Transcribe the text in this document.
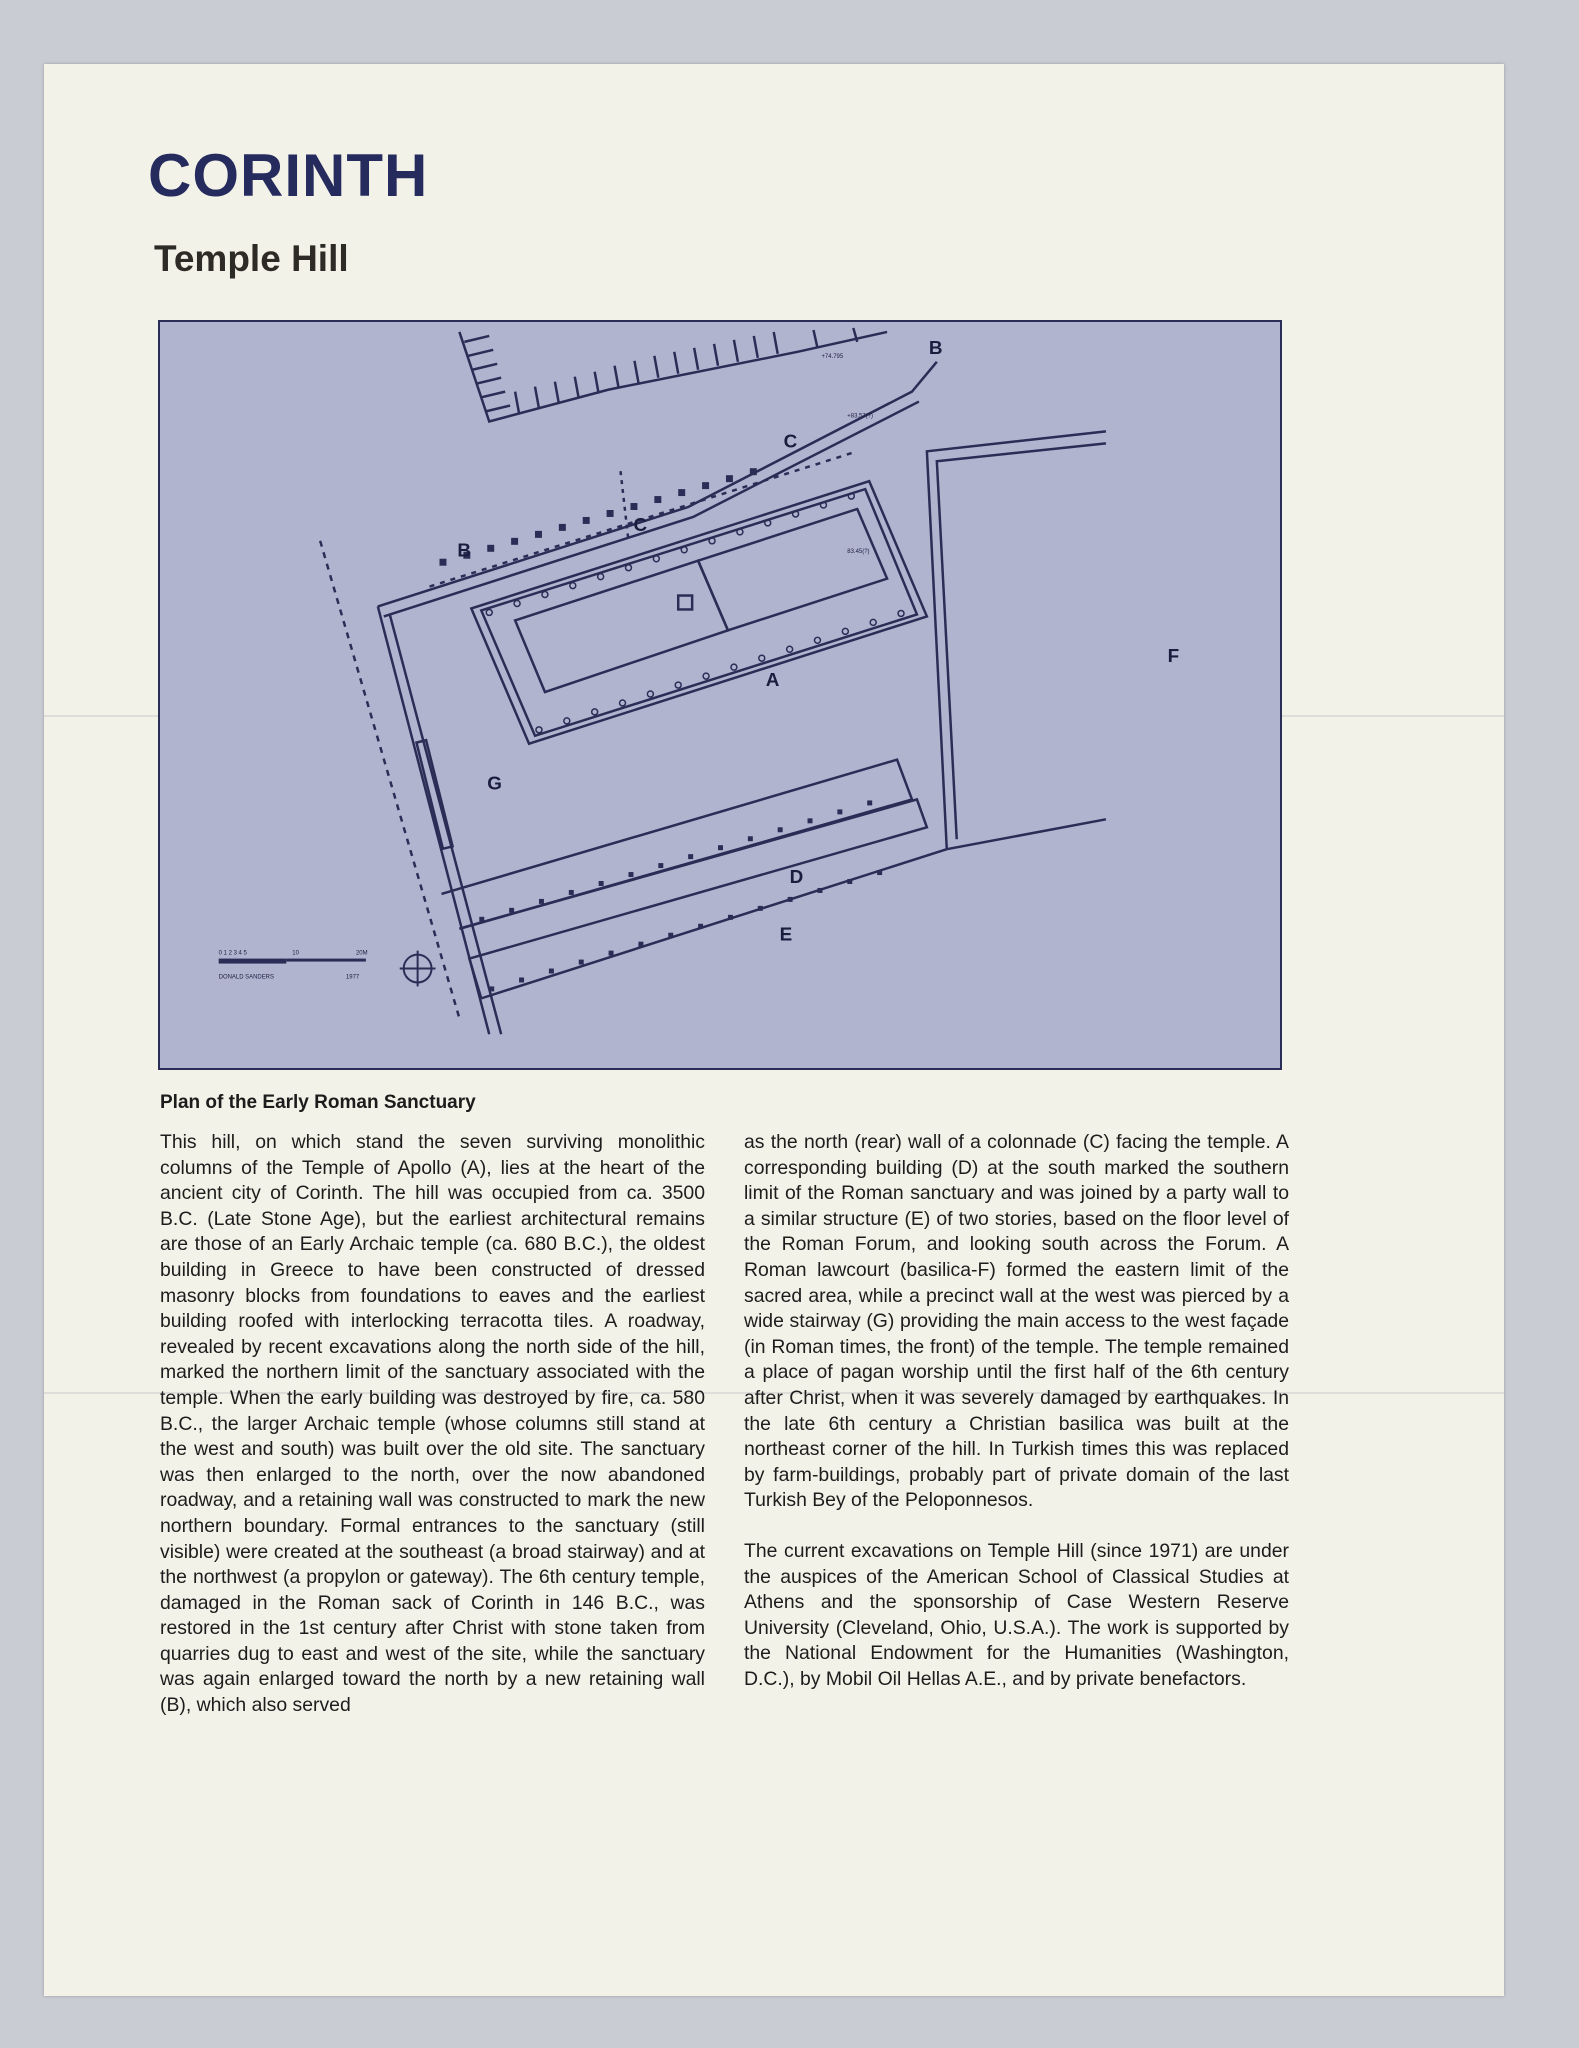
CORINTH
Temple Hill
A
B
B
C
C
D
E
F
G
0 1 2 3 4 5	10	20M
DONALD SANDERS	1977
+74.795
+83.57(?)
83.45(?)
Plan of the Early Roman Sanctuary

This hill, on which stand the seven surviving monolithic columns of the Temple of Apollo (A), lies at the heart of the ancient city of Corinth. The hill was occupied from ca. 3500 B.C. (Late Stone Age), but the earliest architectural remains are those of an Early Archaic temple (ca. 680 B.C.), the oldest building in Greece to have been constructed of dressed masonry blocks from foundations to eaves and the earliest building roofed with interlocking terracotta tiles. A roadway, revealed by recent excavations along the north side of the hill, marked the northern limit of the sanctuary associated with the temple. When the early building was destroyed by fire, ca. 580 B.C., the larger Archaic temple (whose columns still stand at the west and south) was built over the old site. The sanctuary was then enlarged to the north, over the now abandoned roadway, and a retaining wall was constructed to mark the new northern boundary. Formal entrances to the sanctuary (still visible) were created at the southeast (a broad stairway) and at the northwest (a propylon or gateway). The 6th century temple, damaged in the Roman sack of Corinth in 146 B.C., was restored in the 1st century after Christ with stone taken from quarries dug to east and west of the site, while the sanctuary was again enlarged toward the north by a new retaining wall (B), which also served

as the north (rear) wall of a colonnade (C) facing the temple. A corresponding building (D) at the south marked the southern limit of the Roman sanctuary and was joined by a party wall to a similar structure (E) of two stories, based on the floor level of the Roman Forum, and looking south across the Forum. A Roman lawcourt (basilica-F) formed the eastern limit of the sacred area, while a precinct wall at the west was pierced by a wide stairway (G) providing the main access to the west façade (in Roman times, the front) of the temple. The temple remained a place of pagan worship until the first half of the 6th century after Christ, when it was severely damaged by earthquakes. In the late 6th century a Christian basilica was built at the northeast corner of the hill. In Turkish times this was replaced by farm-buildings, probably part of private domain of the last Turkish Bey of the Peloponnesos.

The current excavations on Temple Hill (since 1971) are under the auspices of the American School of Classical Studies at Athens and the sponsorship of Case Western Reserve University (Cleveland, Ohio, U.S.A.). The work is supported by the National Endowment for the Humanities (Washington, D.C.), by Mobil Oil Hellas A.E., and by private benefactors.
